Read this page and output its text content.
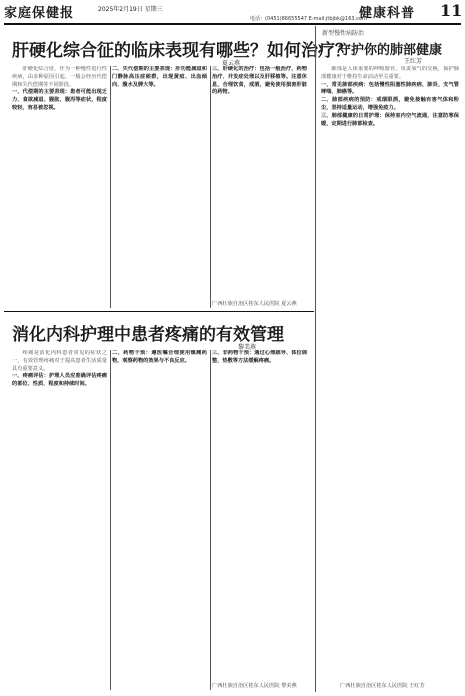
家庭保健报	2025年2月19日 星期三	健康科普 11
电话：(0451)86655547 E-mail:jtbjbk@163.com
肝硬化综合征的临床表现有哪些？如何治疗？
夏云燕

肝硬化综合征，作为一种慢性进行性疾病，由多种原因引起，一般会经历代偿期和失代偿期等不同阶段。

一、代偿期的主要表现：患者可能出现乏力、食欲减退、腹胀、腹泻等症状，程度较轻，容易被忽视。

二、失代偿期的主要表现：肝功能减退和门静脉高压症候群，出现黄疸、出血倾向、腹水及脾大等。

三、肝硬化的治疗：包括一般治疗、药物治疗、并发症处理以及肝移植等。注意休息，合理饮食，戒酒，避免使用损害肝脏的药物。

广西壮族自治区桂东人民医院 夏云燕
消化内科护理中患者疼痛的有效管理
黎美燕

疼痛是消化内科患者常见的症状之一，有效管理疼痛对于提高患者生活质量具有重要意义。

一、疼痛评估：护理人员应准确评估疼痛的部位、性质、程度和持续时间。

二、药物干预：遵医嘱合理使用镇痛药物，观察药物的效果与不良反应。

三、非药物干预：通过心理疏导、体位调整、热敷等方法缓解疼痛。

广西壮族自治区桂东人民医院 黎美燕
新型慢性病防治
守护你的肺部健康
王红芳

肺部是人体重要的呼吸器官，负责氧气的交换，保护肺部健康对于维持生命活动至关重要。

一、常见肺部疾病：包括慢性阻塞性肺疾病、肺炎、支气管哮喘、肺癌等。

二、肺部疾病的预防：戒烟限酒，避免接触有害气体和粉尘，坚持适量运动，增强免疫力。

三、肺部健康的日常护理：保持室内空气流通，注意防寒保暖，定期进行肺部检查。

广西壮族自治区桂东人民医院 王红芳
